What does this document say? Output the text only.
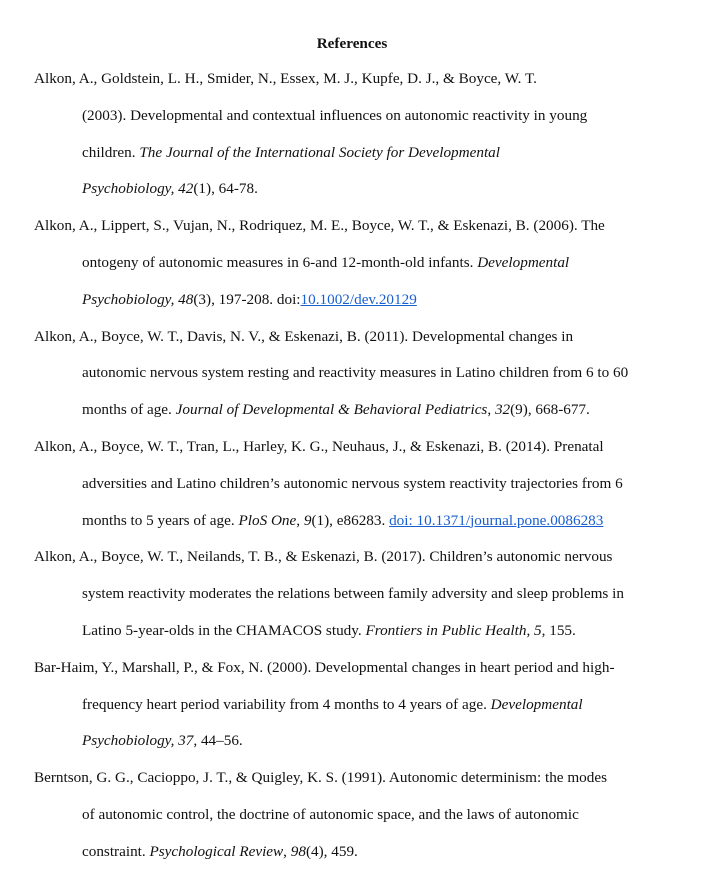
References
Alkon, A., Goldstein, L. H., Smider, N., Essex, M. J., Kupfe, D. J., & Boyce, W. T.
(2003). Developmental and contextual influences on autonomic reactivity in young
children. The Journal of the International Society for Developmental
Psychobiology, 42(1), 64-78.
Alkon, A., Lippert, S., Vujan, N., Rodriquez, M. E., Boyce, W. T., & Eskenazi, B. (2006). The
ontogeny of autonomic measures in 6-and 12-month-old infants. Developmental
Psychobiology, 48(3), 197-208. doi:10.1002/dev.20129
Alkon, A., Boyce, W. T., Davis, N. V., & Eskenazi, B. (2011). Developmental changes in
autonomic nervous system resting and reactivity measures in Latino children from 6 to 60
months of age. Journal of Developmental & Behavioral Pediatrics, 32(9), 668-677.
Alkon, A., Boyce, W. T., Tran, L., Harley, K. G., Neuhaus, J., & Eskenazi, B. (2014). Prenatal
adversities and Latino children’s autonomic nervous system reactivity trajectories from 6
months to 5 years of age. PloS One, 9(1), e86283. doi: 10.1371/journal.pone.0086283
Alkon, A., Boyce, W. T., Neilands, T. B., & Eskenazi, B. (2017). Children’s autonomic nervous
system reactivity moderates the relations between family adversity and sleep problems in
Latino 5-year-olds in the CHAMACOS study. Frontiers in Public Health, 5, 155.
Bar-Haim, Y., Marshall, P., & Fox, N. (2000). Developmental changes in heart period and high-
frequency heart period variability from 4 months to 4 years of age. Developmental
Psychobiology, 37, 44–56.
Berntson, G. G., Cacioppo, J. T., & Quigley, K. S. (1991). Autonomic determinism: the modes
of autonomic control, the doctrine of autonomic space, and the laws of autonomic
constraint. Psychological Review, 98(4), 459.
